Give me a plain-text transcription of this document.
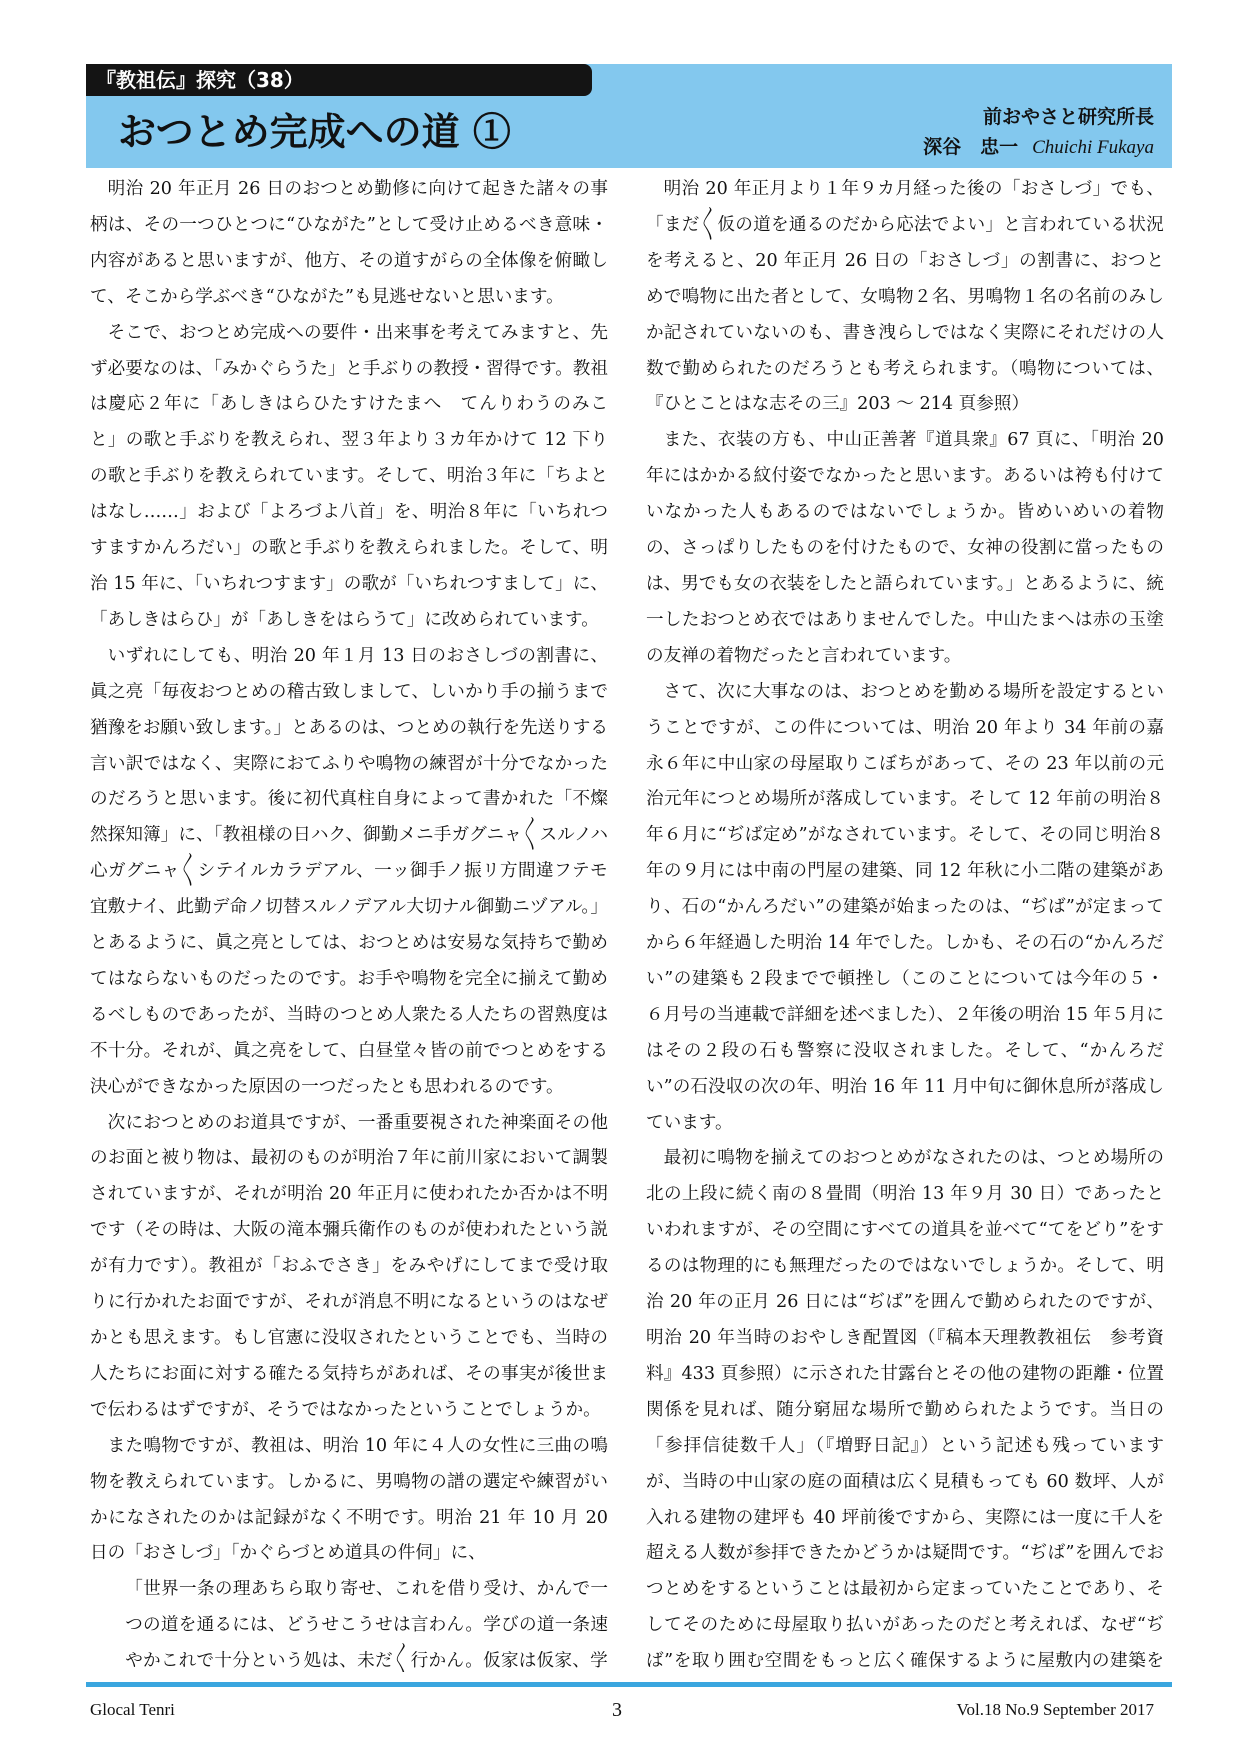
『教祖伝』探究（38）
おつとめ完成への道 ①	前おやさと研究所長
深谷　忠一 Chuichi Fukaya

明治 20 年正月 26 日のおつとめ勤修に向けて起きた諸々の事柄は、その一つひとつに“ひながた”として受け止めるべき意味・内容があると思いますが、他方、その道すがらの全体像を俯瞰して、そこから学ぶべき“ひながた”も見逃せないと思います。

そこで、おつとめ完成への要件・出来事を考えてみますと、先ず必要なのは、「みかぐらうた」と手ぶりの教授・習得です。教祖は慶応２年に「あしきはらひたすけたまへ　てんりわうのみこと」の歌と手ぶりを教えられ、翌３年より３カ年かけて 12 下りの歌と手ぶりを教えられています。そして、明治３年に「ちよとはなし……」および「よろづよ八首」を、明治８年に「いちれつすますかんろだい」の歌と手ぶりを教えられました。そして、明治 15 年に、「いちれつすます」の歌が「いちれつすまして」に、「あしきはらひ」が「あしきをはらうて」に改められています。

いずれにしても、明治 20 年１月 13 日のおさしづの割書に、眞之亮「毎夜おつとめの稽古致しまして、しいかり手の揃うまで猶豫をお願い致します。」とあるのは、つとめの執行を先送りする言い訳ではなく、実際におてふりや鳴物の練習が十分でなかったのだろうと思います。後に初代真柱自身によって書かれた「不燦然探知簿」に、「教祖様の日ハク、御勤メニ手ガグニャ〳〵スルノハ心ガグニャ〳〵シテイルカラデアル、一ッ御手ノ振リ方間違フテモ宜敷ナイ、此勤デ命ノ切替スルノデアル大切ナル御勤ニヅアル。」とあるように、眞之亮としては、おつとめは安易な気持ちで勤めてはならないものだったのです。お手や鳴物を完全に揃えて勤めるべしものであったが、当時のつとめ人衆たる人たちの習熟度は不十分。それが、眞之亮をして、白昼堂々皆の前でつとめをする決心ができなかった原因の一つだったとも思われるのです。

次におつとめのお道具ですが、一番重要視された神楽面その他のお面と被り物は、最初のものが明治７年に前川家において調製されていますが、それが明治 20 年正月に使われたか否かは不明です（その時は、大阪の滝本彌兵衛作のものが使われたという説が有力です）。教祖が「おふでさき」をみやげにしてまで受け取りに行かれたお面ですが、それが消息不明になるというのはなぜかとも思えます。もし官憲に没収されたということでも、当時の人たちにお面に対する確たる気持ちがあれば、その事実が後世まで伝わるはずですが、そうではなかったということでしょうか。

また鳴物ですが、教祖は、明治 10 年に４人の女性に三曲の鳴物を教えられています。しかるに、男鳴物の譜の選定や練習がいかになされたのかは記録がなく不明です。明治 21 年 10 月 20 日の「おさしづ」「かぐらづとめ道具の件伺」に、

「世界一条の理あちら取り寄せ、これを借り受け、かんで一つの道を通るには、どうせこうせは言わん。学びの道一条速やかこれで十分という処は、未だ〳〵行かん。仮家は仮家、学

明治 20 年正月より１年９カ月経った後の「おさしづ」でも、「まだ〳〵仮の道を通るのだから応法でよい」と言われている状況を考えると、20 年正月 26 日の「おさしづ」の割書に、おつとめで鳴物に出た者として、女鳴物２名、男鳴物１名の名前のみしか記されていないのも、書き洩らしではなく実際にそれだけの人数で勤められたのだろうとも考えられます。（鳴物については、『ひとことはな志その三』203 ～ 214 頁参照）

また、衣装の方も、中山正善著『道具衆』67 頁に、「明治 20 年にはかかる紋付姿でなかったと思います。あるいは袴も付けていなかった人もあるのではないでしょうか。皆めいめいの着物の、さっぱりしたものを付けたもので、女神の役割に當ったものは、男でも女の衣装をしたと語られています。」とあるように、統一したおつとめ衣ではありませんでした。中山たまへは赤の玉塗の友禅の着物だったと言われています。

さて、次に大事なのは、おつとめを勤める場所を設定するということですが、この件については、明治 20 年より 34 年前の嘉永６年に中山家の母屋取りこぼちがあって、その 23 年以前の元治元年につとめ場所が落成しています。そして 12 年前の明治８年６月に“ぢば定め”がなされています。そして、その同じ明治８年の９月には中南の門屋の建築、同 12 年秋に小二階の建築があり、石の“かんろだい”の建築が始まったのは、“ぢば”が定まってから６年経過した明治 14 年でした。しかも、その石の“かんろだい”の建築も２段までで頓挫し（このことについては今年の５・６月号の当連載で詳細を述べました）、２年後の明治 15 年５月にはその２段の石も警察に没収されました。そして、“かんろだい”の石没収の次の年、明治 16 年 11 月中旬に御休息所が落成しています。

最初に鳴物を揃えてのおつとめがなされたのは、つとめ場所の北の上段に続く南の８畳間（明治 13 年９月 30 日）であったといわれますが、その空間にすべての道具を並べて“てをどり”をするのは物理的にも無理だったのではないでしょうか。そして、明治 20 年の正月 26 日には“ぢば”を囲んで勤められたのですが、明治 20 年当時のおやしき配置図（『稿本天理教教祖伝　参考資料』433 頁参照）に示された甘露台とその他の建物の距離・位置関係を見れば、随分窮屈な場所で勤められたようです。当日の「参拝信徒数千人」（『増野日記』）という記述も残っていますが、当時の中山家の庭の面積は広く見積もっても 60 数坪、人が入れる建物の建坪も 40 坪前後ですから、実際には一度に千人を超える人数が参拝できたかどうかは疑問です。“ぢば”を囲んでおつとめをするということは最初から定まっていたことであり、そしてそのために母屋取り払いがあったのだと考えれば、なぜ“ぢば”を取り囲む空間をもっと広く確保するように屋敷内の建築を

Glocal Tenri	3	Vol.18 No.9 September 2017
